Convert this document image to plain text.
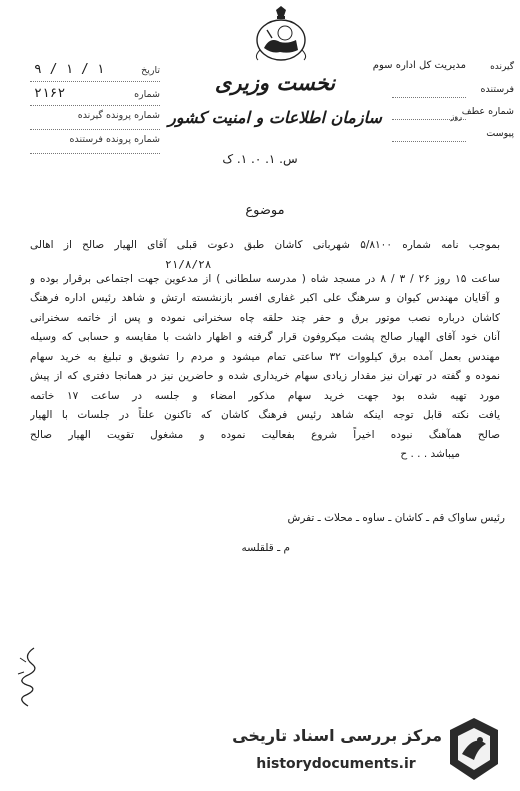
نخست وزیری
سازمان اطلاعات و امنیت کشور
س. ۱. ۰. ۱. ک
تاریخ
۱ / ۱ / ۹
شماره
۲۱۶۲
شماره پرونده گیرنده
شماره پرونده فرستنده
گیرنده
مدیریت کل اداره سوم
فرستنده
شماره عطف
روز
پیوست
موضوع
۲۱/۸/۲۸
بموجب نامه شماره ۵/۸۱۰۰ شهربانی کاشان طبق دعوت قبلی آقای الهیار صالح از اهالی
ساعت ۱۵ روز ۲۶ / ۳ / ۸ در مسجد شاه ( مدرسه سلطانی ) از مدعوین جهت اجتماعی برقرار بوده و
و آقایان مهندس کیوان و سرهنگ علی اکبر غفاری افسر بازنشسته ارتش و شاهد رئیس اداره فرهنگ
کاشان درباره نصب موتور برق و حفر چند حلقه چاه سخنرانی نموده و پس از خاتمه سخنرانی
آنان خود آقای الهیار صالح پشت میکروفون قرار گرفته و اظهار داشت با مقایسه و حسابی که وسیله
مهندس بعمل آمده برق کیلووات ۳۲ ساعتی تمام میشود و مردم را تشویق و تبلیغ به خرید سهام
نموده و گفته در تهران نیز مقدار زیادی سهام خریداری شده و حاضرین نیز در همانجا دفتری که از پیش
مورد تهیه شده بود جهت خرید سهام مذکور امضاء و جلسه در ساعت ۱۷ خاتمه
یافت نکته قابل توجه اینکه شاهد رئیس فرهنگ کاشان که تاکنون علناً در جلسات با الهیار
صالح همآهنگ نبوده اخیراً شروع بفعالیت نموده و مشغول تقویت الهیار صالح
میباشد . . . ح
رئیس ساواک قم ـ کاشان ـ ساوه ـ محلات ـ تفرش
م ـ قلقلسه
مرکز بررسی اسناد تاریخی
historydocuments.ir
